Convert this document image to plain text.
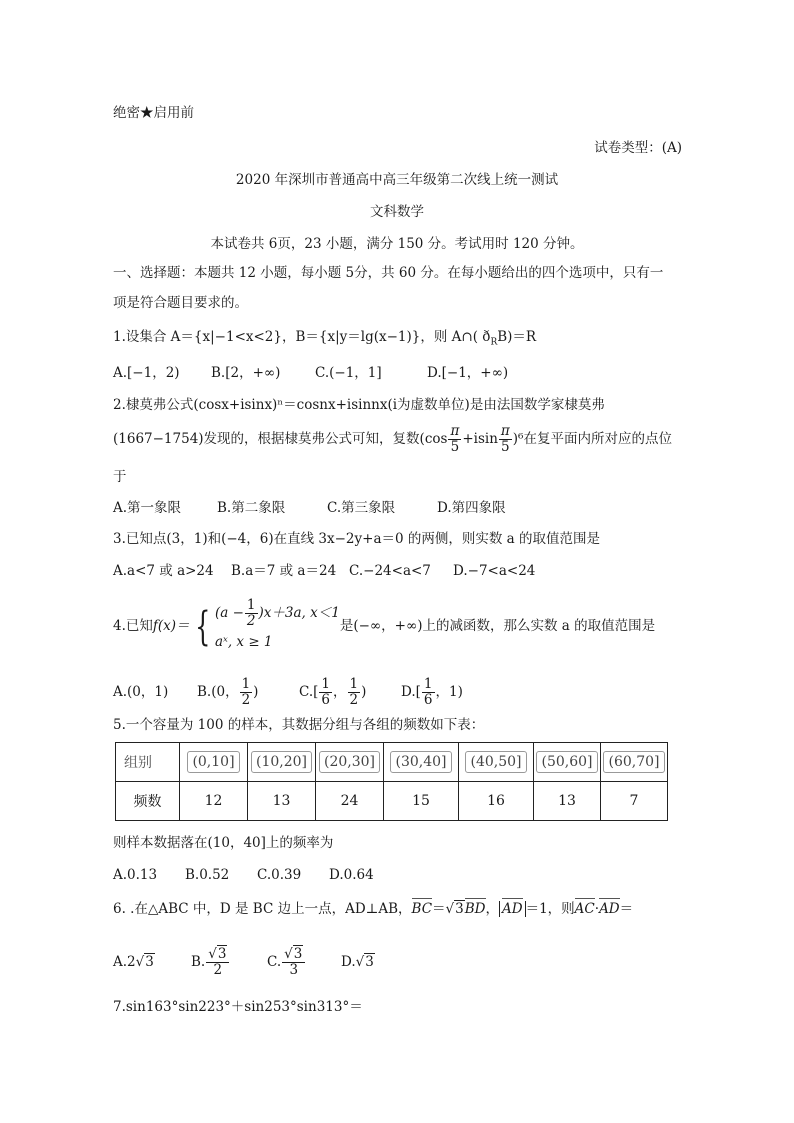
绝密★启用前
试卷类型：(A)
2020 年深圳市普通高中高三年级第二次线上统一测试
文科数学
本试卷共 6页，23 小题，满分 150 分。考试用时 120 分钟。
一、选择题：本题共 12 小题，每小题 5分，共 60 分。在每小题给出的四个选项中，只有一
项是符合题目要求的。
1.设集合 A＝{x|−1<x<2}，B＝{x|y＝lg(x−1)}，则 A∩( $ð_RB)=R$
A.[−1，2) B.[2，+∞)	C.(−1，1]	D.[−1，+∞)
2.棣莫弗公式(cosx+isinx)ⁿ＝cosnx+isinnx(i为虚数单位)是由法国数学家棣莫弗
(1667−1754)发现的，根据棣莫弗公式可知，复数$(\cos \frac{\pi}{5} +isin \frac{\pi}{5} )^6$在复平面内所对应的点位
于
A.第一象限	B.第二象限	C.第三象限	D.第四象限
3.已知点(3，1)和(−4，6)在直线 3x−2y+a＝0 的两侧，则实数 a 的取值范围是
A.a<7 或 a>24 B.a＝7 或 a＝24 C.−24<a<7 D.−7<a<24
4.已知f(x)＝ { $(a - \frac{1}{2} )x+3a$, x＜1
aˣ, x ≥ 1
是(−∞，+∞)上的减函数，那么实数 a 的取值范围是
A.(0，1) B.(0， $\frac{1}{2}$ )	$C.[ \frac{1}{6}$ ， $\frac{1}{2}$ )	$D.[ \frac{1}{6}$ ，1)
5.一个容量为 100 的样本，其数据分组与各组的频数如下表：
组别	(0,10]	(10,20]	(20,30]	(30,40]	(40,50]	(50,60]	(60,70]
频数	12	13	24	15	16	13	7
则样本数据落在(10，40]上的频率为
A.0.13 B.0.52 C.0.39 D.0.64
6. .在△ABC 中，D 是 BC 边上一点，AD⊥AB，BC＝√3BD， AD ＝1，则AC·AD＝
A.2√3	B. $\frac{√3}{2}$	C. $\frac{√3}{3}$	D.√3
7.sin163°sin223°＋sin253°sin313°＝
